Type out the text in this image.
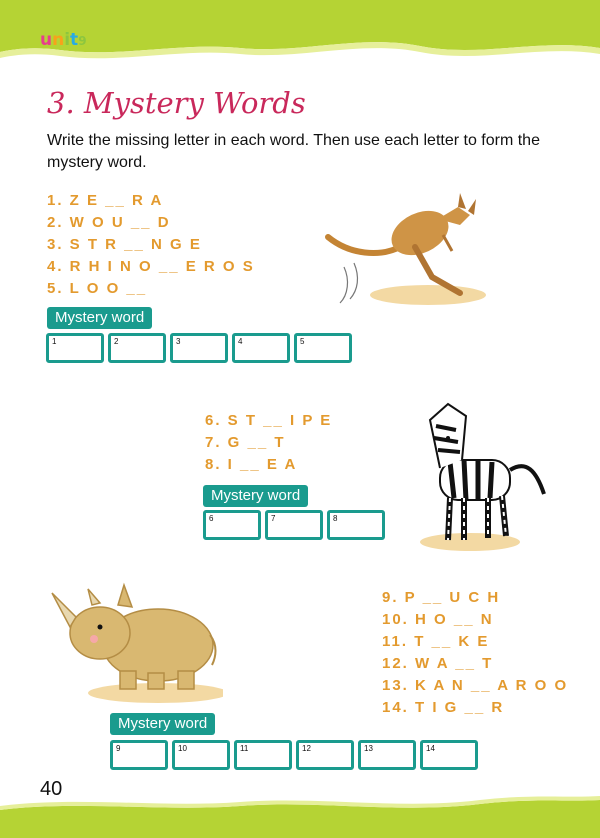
unit9
3. Mystery Words
Write the missing letter in each word. Then use each letter to form the mystery word.
1. Z E __ R A
2. W O U __ D
3. S T R __ N G E
4. R H I N O __ E R O S
5. L O O __
Mystery word
1	2	3	4	5
6. S T __ I P E
7. G __ T
8. I __ E A
Mystery word
6	7	8
9. P __ U C H
10. H O __ N
11. T __ K E
12. W A __ T
13. K A N __ A R O O
14. T I G __ R
Mystery word
9	10	11	12	13	14
40
